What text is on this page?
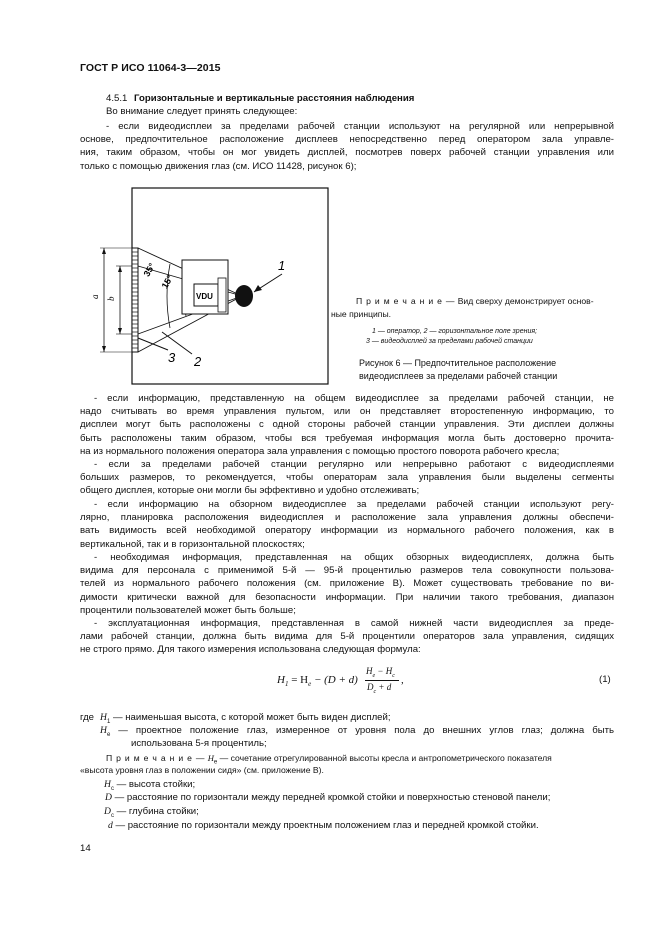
ГОСТ Р ИСО 11064-3—2015
4.5.1 Горизонтальные и вертикальные расстояния наблюдения
Во внимание следует принять следующее:
- если видеодисплеи за пределами рабочей станции используют на регулярной или непрерывной
основе, предпочтительное расположение дисплеев непосредственно перед оператором зала управле-
ния, таким образом, чтобы он мог увидеть дисплей, посмотрев поверх рабочей станции управления или
только с помощью движения глаз (см. ИСО 11428, рисунок 6);
a b
35°
15°
VDU
1
2
3
П р и м е ч а н и е — Вид сверху демонстрирует основ-
ные принципы.
1 — оператор, 2 — горизонтальное поле зрения;
3 — видеодисплей за пределами рабочей станции
Рисунок 6 — Предпочтительное расположение
видеодисплеев за пределами рабочей станции
- если информацию, представленную на общем видеодисплее за пределами рабочей станции, не
надо считывать во время управления пультом, или он представляет второстепенную информацию, то
дисплеи могут быть расположены с одной стороны рабочей станции управления. Эти дисплеи должны
быть расположены таким образом, чтобы вся требуемая информация могла быть достоверно прочита-
на из нормального положения оператора зала управления с помощью простого поворота рабочего кресла;
- если за пределами рабочей станции регулярно или непрерывно работают с видеодисплеями
больших размеров, то рекомендуется, чтобы операторам зала управления были выделены сегменты
общего дисплея, которые они могли бы эффективно и удобно отслеживать;
- если информацию на обзорном видеодисплее за пределами рабочей станции используют регу-
лярно, планировка расположения видеодисплея и расположение зала управления должны обеспечи-
вать видимость всей необходимой оператору информации из нормального рабочего положения, как в
вертикальной, так и в горизонтальной плоскостях;
- необходимая информация, представленная на общих обзорных видеодисплеях, должна быть
видима для персонала с применимой 5-й — 95-й процентилью размеров тела совокупности пользова-
телей из нормального рабочего положения (см. приложение В). Может существовать требование по ви-
димости критически важной для безопасности информации. При наличии такого требования, диапазон
процентили пользователей может быть больше;
- эксплуатационная информация, представленная в самой нижней части видеодисплея за преде-
лами рабочей станции, должна быть видима для 5-й процентили операторов зала управления, сидящих
не строго прямо. Для такого измерения использована следующая формула:
$H_1 = H_e - (D + d)$
$H_e - H_c$
$D_c + d$
,	(1)
где $H_1$ — наименьшая высота, с которой может быть виден дисплей;
$H_e$ — проектное положение глаз, измеренное от уровня пола до внешних углов глаз; должна быть
использована 5-я процентиль;
П р и м е ч а н и е — $H_e$ — сочетание отрегулированной высоты кресла и антропометрического показателя
«высота уровня глаз в положении сидя» (см. приложение В).
$H_c$ — высота стойки;
D — расстояние по горизонтали между передней кромкой стойки и поверхностью стеновой панели;
$D_c$ — глубина стойки;
d — расстояние по горизонтали между проектным положением глаз и передней кромкой стойки.
14
